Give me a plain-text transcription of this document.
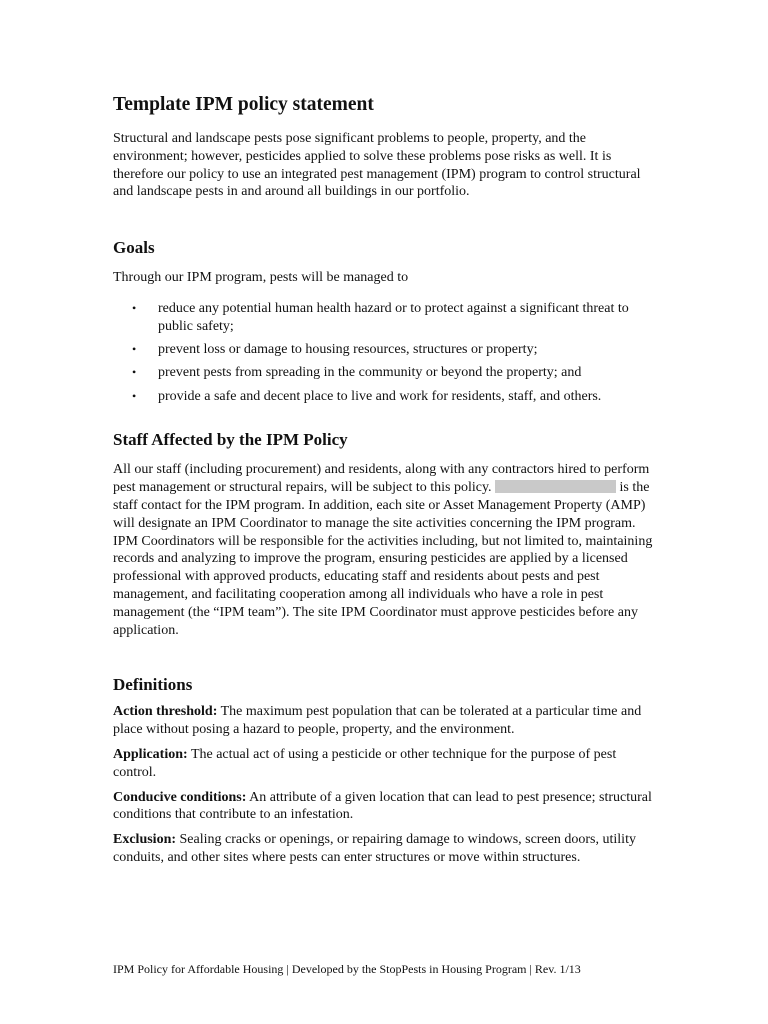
Template IPM policy statement

Structural and landscape pests pose significant problems to people, property, and the environment; however, pesticides applied to solve these problems pose risks as well. It is therefore our policy to use an integrated pest management (IPM) program to control structural and landscape pests in and around all buildings in our portfolio.

Goals

Through our IPM program, pests will be managed to

• reduce any potential human health hazard or to protect against a significant threat to public safety;
• prevent loss or damage to housing resources, structures or property;
• prevent pests from spreading in the community or beyond the property; and
• provide a safe and decent place to live and work for residents, staff, and others.
Staff Affected by the IPM Policy

All our staff (including procurement) and residents, along with any contractors hired to perform pest management or structural repairs, will be subject to this policy.	is the staff contact for the IPM program. In addition, each site or Asset Management Property (AMP) will designate an IPM Coordinator to manage the site activities concerning the IPM program. IPM Coordinators will be responsible for the activities including, but not limited to, maintaining records and analyzing to improve the program, ensuring pesticides are applied by a licensed professional with approved products, educating staff and residents about pests and pest management, and facilitating cooperation among all individuals who have a role in pest management (the “IPM team”). The site IPM Coordinator must approve pesticides before any application.

Definitions

Action threshold: The maximum pest population that can be tolerated at a particular time and place without posing a hazard to people, property, and the environment.

Application: The actual act of using a pesticide or other technique for the purpose of pest control.

Conducive conditions: An attribute of a given location that can lead to pest presence; structural conditions that contribute to an infestation.

Exclusion: Sealing cracks or openings, or repairing damage to windows, screen doors, utility conduits, and other sites where pests can enter structures or move within structures.

IPM Policy for Affordable Housing | Developed by the StopPests in Housing Program | Rev. 1/13
